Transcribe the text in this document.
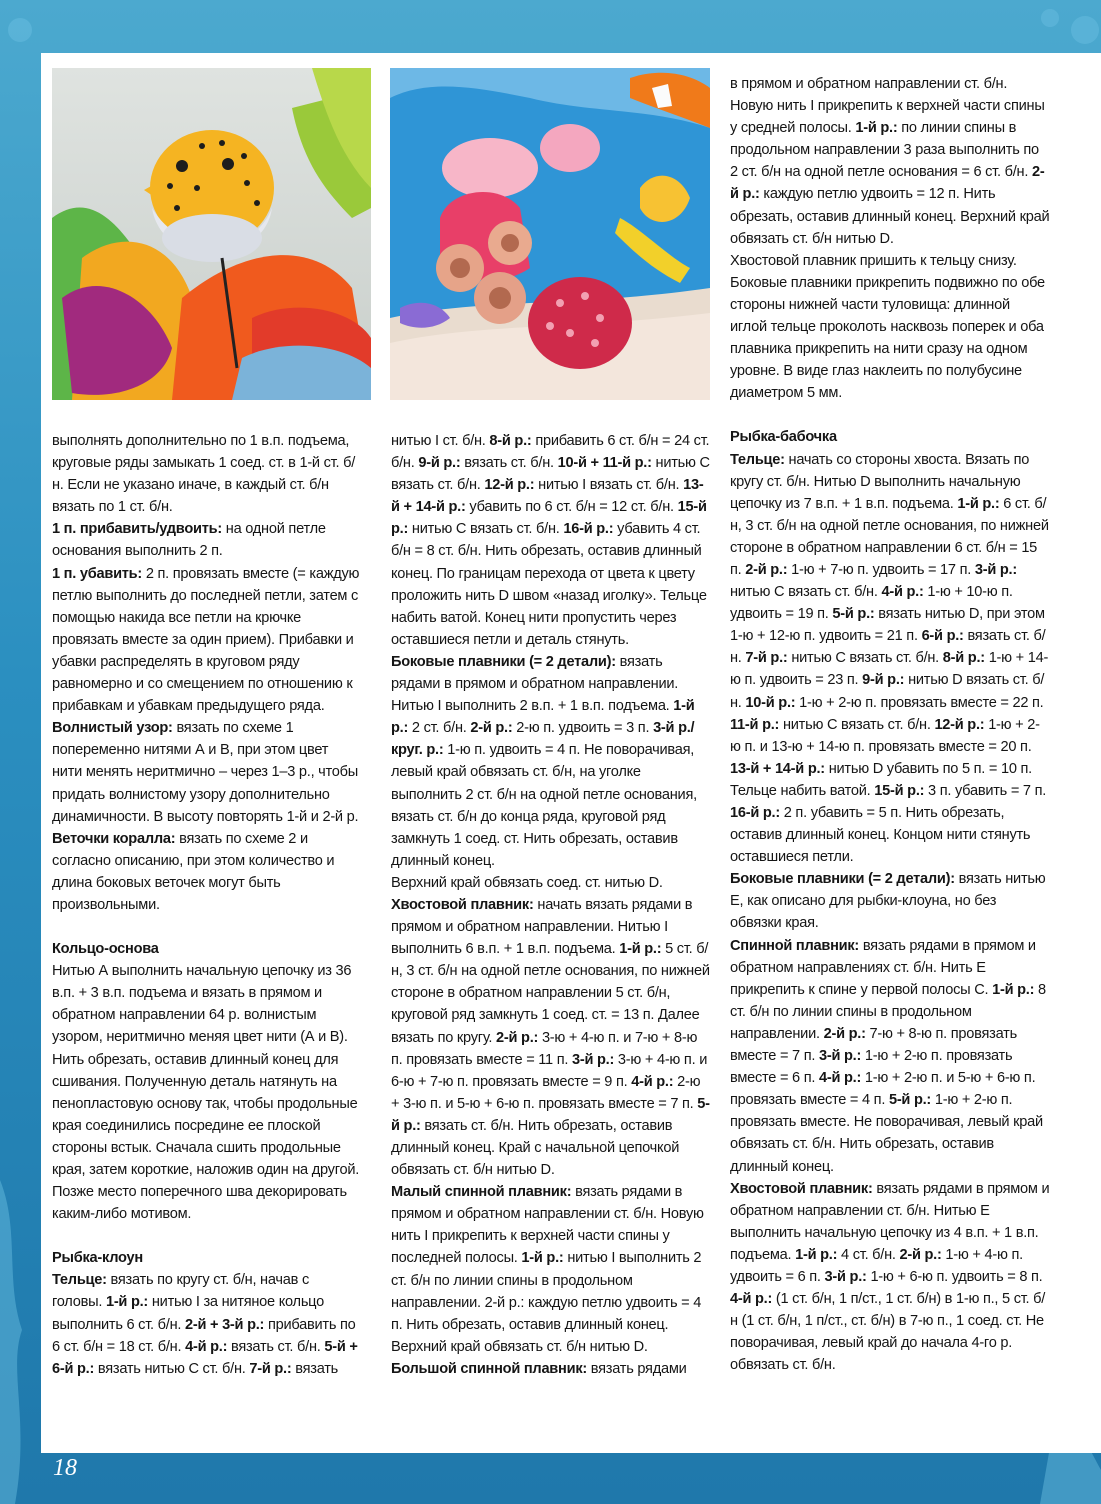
выполнять дополнительно по 1 в.п. подъема, круговые ряды замыкать 1 соед. ст. в 1-й ст. б/н. Если не указано иначе, в каждый ст. б/н вязать по 1 ст. б/н.

1 п. прибавить/удвоить: на одной петле основания выполнить 2 п.

1 п. убавить: 2 п. провязать вместе (= каждую петлю выполнить до последней петли, затем с помощью накида все петли на крючке провязать вместе за один прием). Прибавки и убавки распределять в круговом ряду равномерно и со смещением по отношению к прибавкам и убавкам предыдущего ряда.

Волнистый узор: вязать по схеме 1 попеременно нитями А и В, при этом цвет нити менять неритмично – через 1–3 р., чтобы придать волнистому узору дополнительно динамичности. В высоту повторять 1-й и 2-й р.

Веточки коралла: вязать по схеме 2 и согласно описанию, при этом количество и длина боковых веточек могут быть произвольными.

Кольцо-основа

Нитью А выполнить начальную цепочку из 36 в.п. + 3 в.п. подъема и вязать в прямом и обратном направлении 64 р. волнистым узором, неритмично меняя цвет нити (А и В). Нить обрезать, оставив длинный конец для сшивания. Полученную деталь натянуть на пенопластовую основу так, чтобы продольные края соединились посредине ее плоской стороны встык. Сначала сшить продольные края, затем короткие, наложив один на другой. Позже место поперечного шва декорировать каким-либо мотивом.

Рыбка-клоун

Тельце: вязать по кругу ст. б/н, начав с головы. 1-й р.: нитью I за нитяное кольцо выполнить 6 ст. б/н. 2-й + 3-й р.: прибавить по 6 ст. б/н = 18 ст. б/н. 4-й р.: вязать ст. б/н. 5-й + 6-й р.: вязать нитью С ст. б/н. 7-й р.: вязать

нитью I ст. б/н. 8-й р.: прибавить 6 ст. б/н = 24 ст. б/н. 9-й р.: вязать ст. б/н. 10-й + 11-й р.: нитью С вязать ст. б/н. 12-й р.: нитью I вязать ст. б/н. 13-й + 14-й р.: убавить по 6 ст. б/н = 12 ст. б/н. 15-й р.: нитью С вязать ст. б/н. 16-й р.: убавить 4 ст. б/н = 8 ст. б/н. Нить обрезать, оставив длинный конец. По границам перехода от цвета к цвету проложить нить D швом «назад иголку». Тельце набить ватой. Конец нити пропустить через оставшиеся петли и деталь стянуть.

Боковые плавники (= 2 детали): вязать рядами в прямом и обратном направлении. Нитью I выполнить 2 в.п. + 1 в.п. подъема. 1-й р.: 2 ст. б/н. 2-й р.: 2-ю п. удвоить = 3 п. 3-й р./круг. р.: 1-ю п. удвоить = 4 п. Не поворачивая, левый край обвязать ст. б/н, на уголке выполнить 2 ст. б/н на одной петле основания, вязать ст. б/н до конца ряда, круговой ряд замкнуть 1 соед. ст. Нить обрезать, оставив длинный конец.

Верхний край обвязать соед. ст. нитью D.

Хвостовой плавник: начать вязать рядами в прямом и обратном направлении. Нитью I выполнить 6 в.п. + 1 в.п. подъема. 1-й р.: 5 ст. б/н, 3 ст. б/н на одной петле основания, по нижней стороне в обратном направлении 5 ст. б/н, круговой ряд замкнуть 1 соед. ст. = 13 п. Далее вязать по кругу. 2-й р.: 3-ю + 4-ю п. и 7-ю + 8-ю п. провязать вместе = 11 п. 3-й р.: 3-ю + 4-ю п. и 6-ю + 7-ю п. провязать вместе = 9 п. 4-й р.: 2-ю + 3-ю п. и 5-ю + 6-ю п. провязать вместе = 7 п. 5-й р.: вязать ст. б/н. Нить обрезать, оставив длинный конец. Край с начальной цепочкой обвязать ст. б/н нитью D.

Малый спинной плавник: вязать рядами в прямом и обратном направлении ст. б/н. Новую нить I прикрепить к верхней части спины у последней полосы. 1-й р.: нитью I выполнить 2 ст. б/н по линии спины в продольном направлении. 2-й р.: каждую петлю удвоить = 4 п. Нить обрезать, оставив длинный конец. Верхний край обвязать ст. б/н нитью D.

Большой спинной плавник: вязать рядами

в прямом и обратном направлении ст. б/н. Новую нить I прикрепить к верхней части спины у средней полосы. 1-й р.: по линии спины в продольном направлении 3 раза выполнить по 2 ст. б/н на одной петле основания = 6 ст. б/н. 2-й р.: каждую петлю удвоить = 12 п. Нить обрезать, оставив длинный конец. Верхний край обвязать ст. б/н нитью D.

Хвостовой плавник пришить к тельцу снизу. Боковые плавники прикрепить подвижно по обе стороны нижней части туловища: длинной иглой тельце проколоть насквозь поперек и оба плавника прикрепить на нити сразу на одном уровне. В виде глаз наклеить по полубусине диаметром 5 мм.

Рыбка-бабочка

Тельце: начать со стороны хвоста. Вязать по кругу ст. б/н. Нитью D выполнить начальную цепочку из 7 в.п. + 1 в.п. подъема. 1-й р.: 6 ст. б/н, 3 ст. б/н на одной петле основания, по нижней стороне в обратном направлении 6 ст. б/н = 15 п. 2-й р.: 1-ю + 7-ю п. удвоить = 17 п. 3-й р.: нитью С вязать ст. б/н. 4-й р.: 1-ю + 10-ю п. удвоить = 19 п. 5-й р.: вязать нитью D, при этом 1-ю + 12-ю п. удвоить = 21 п. 6-й р.: вязать ст. б/н. 7-й р.: нитью С вязать ст. б/н. 8-й р.: 1-ю + 14-ю п. удвоить = 23 п. 9-й р.: нитью D вязать ст. б/н. 10-й р.: 1-ю + 2-ю п. провязать вместе = 22 п. 11-й р.: нитью С вязать ст. б/н. 12-й р.: 1-ю + 2-ю п. и 13-ю + 14-ю п. провязать вместе = 20 п. 13-й + 14-й р.: нитью D убавить по 5 п. = 10 п. Тельце набить ватой. 15-й р.: 3 п. убавить = 7 п. 16-й р.: 2 п. убавить = 5 п. Нить обрезать, оставив длинный конец. Концом нити стянуть оставшиеся петли.

Боковые плавники (= 2 детали): вязать нитью Е, как описано для рыбки-клоуна, но без обвязки края.

Спинной плавник: вязать рядами в прямом и обратном направлениях ст. б/н. Нить Е прикрепить к спине у первой полосы С. 1-й р.: 8 ст. б/н по линии спины в продольном направлении. 2-й р.: 7-ю + 8-ю п. провязать вместе = 7 п. 3-й р.: 1-ю + 2-ю п. провязать вместе = 6 п. 4-й р.: 1-ю + 2-ю п. и 5-ю + 6-ю п. провязать вместе = 4 п. 5-й р.: 1-ю + 2-ю п. провязать вместе. Не поворачивая, левый край обвязать ст. б/н. Нить обрезать, оставив длинный конец.

Хвостовой плавник: вязать рядами в прямом и обратном направлении ст. б/н. Нитью Е выполнить начальную цепочку из 4 в.п. + 1 в.п. подъема. 1-й р.: 4 ст. б/н. 2-й р.: 1-ю + 4-ю п. удвоить = 6 п. 3-й р.: 1-ю + 6-ю п. удвоить = 8 п. 4-й р.: (1 ст. б/н, 1 п/ст., 1 ст. б/н) в 1-ю п., 5 ст. б/н (1 ст. б/н, 1 п/ст., ст. б/н) в 7-ю п., 1 соед. ст. Не поворачивая, левый край до начала 4-го р. обвязать ст. б/н.

18
